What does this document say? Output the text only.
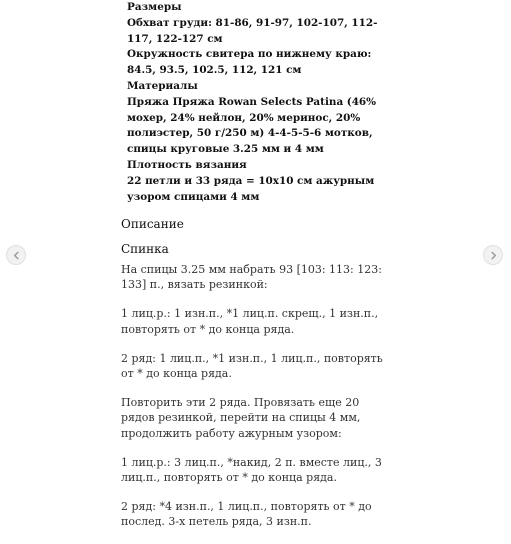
Размеры
Обхват груди: 81-86, 91-97, 102-107, 112-
117, 122-127 см
Окружность свитера по нижнему краю:
84.5, 93.5, 102.5, 112, 121 см
Материалы
Пряжа Пряжа Rowan Selects Patina (46%
мохер, 24% нейлон, 20% меринос, 20%
полиэстер, 50 г/250 м) 4-4-5-5-6 мотков,
спицы круговые 3.25 мм и 4 мм
Плотность вязания
22 петли и 33 ряда = 10x10 см ажурным
узором спицами 4 мм
Описание
Спинка

На спицы 3.25 мм набрать 93 [103: 113: 123:
133] п., вязать резинкой:

1 лиц.р.: 1 изн.п., *1 лиц.п. скрещ., 1 изн.п.,
повторять от * до конца ряда.

2 ряд: 1 лиц.п., *1 изн.п., 1 лиц.п., повторять
от * до конца ряда.

Повторить эти 2 ряда. Провязать еще 20
рядов резинкой, перейти на спицы 4 мм,
продолжить работу ажурным узором:

1 лиц.р.: 3 лиц.п., *накид, 2 п. вместе лиц., 3
лиц.п., повторять от * до конца ряда.

2 ряд: *4 изн.п., 1 лиц.п., повторять от * до
послед. 3-х петель ряда, 3 изн.п.
